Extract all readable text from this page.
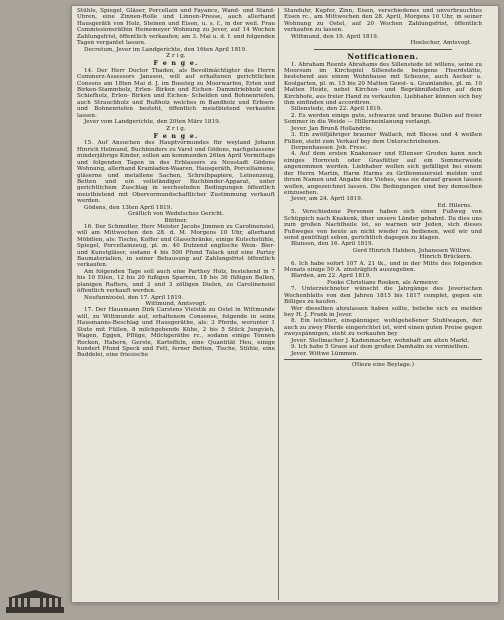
Stühle, Spiegel, Gläser, Porcellain und Fayance, Wand- und Stand-Uhren, eine Zinnen-Rolle und Linnen-Presse, auch allerhand Hausgeräth von Holz, Steinen und Eisen, u. s. f., in der weil. Frau Commissionsräthin Heinemeyer Wohnung zu Jever, auf 14 Wochen Zahlungsfrist, öffentlich verkaufen; am 3. Mai u. d. f. und folgenden Tagen vergantet lassen.

Decretum, Jever im Landgerichte, den 16ten April 1819.

Z r i g.

F e n g e.

14. Der Herr Doctor Thaden, als Bevollmächtigter des Herrn Commerz-Assessors Janssen, will auf erhaltenen gerichtlichen Consens am 18ten Mai d. J. im Bussteg zu Moorwarfen, Erlen und Birken-Stammholz, Erlen- Birken und Eichen- Dammtriebholz und Schiefholz, Erlen- Birken und Eichen- Schelden und Bohnenriefen, auch Strauchholz und Rußholz welches in Bandholz und Erbsen- und Bohnenriefen besteht, öffentlich meistbietend verkaufen lassen.

Jever vom Landgerichte, den 20ten März 1819.

Z r i g.

F e n g e.

15. Auf Ansuchen des Hauptvormundes für weyland Johann Hinrich Helmund, Buchbinders zu Varel und Gödens, nachgelassene minderjährige Kinder, sollen am kommenden 26ten April Vormittags und folgenden Tagen in des Erblassers zu Neustadt Gödens Wohnung, allerhand Kramladen-Waaren, Hausgeräth, Porcellainene, gläserne und metallene Sachen, Schreibpapiere, Leinenzeug, Betten und ein vollständiger Buchbinder-Apparat, unter gerichtlichem Zuschlag in wechselnden Bedingungen öffentlich meistbietend mit Obervormundschaftlicher Zustimmung verkauft werden.

Gödens, den 13ten April 1819.

Gräflich von Wedelsches Gericht.

Büttner.

16. Der Schmidter, Herr Meister Jacobs Jimmen zu Carolinensiel, will am Mittwochen den 28. d. M. Morgens 10 Uhr, allerhand Möbilien, als: Tische, Koffer und Glasschränke, einige Kutschstühle, Spiegel, Porcellainzeug, pl. m. 40 Dutzend englische Wein- Bier- und Kunstgläser, sodann 4 bis 500 Pfund Talack und eine Partey Baumaterialien, in seiner Behausung auf Zahlungsfrist öffentlich verkaufen.

Am folgenden Tage soll auch eine Parthey Holz, bestehend in 7 bis 10 Eilen, 12 bis 20 fußigen Sparren, 18 bis 36 füßigen Ballen, planigen Rafters, und 2 und 3 zölligen Dielen, zu Carolinensiel öffentlich verkauft werden.

Neufunnixsiel, den 17. April 1819.

Wittmund, Amtsvogt.

17. Der Hausmann Dirk Carstens Vielstik zu Ostel in Wittmunde will, zu Wittmunde auf, erhaltenem Consense, folgende in seine Hausmanns-Beschlag und Hausgeräthe, als: 3 Pferde, worunter 1 Stute mit Füllen, 8 milchgebende Kühe, 2 bis 5 Stück Jungvieh, Wagen, Eggen, Pflüge, Milchgeräthe rc., sodann einige Tonnen Rocken, Habern, Gerste, Kartoffeln, eine Quantität Heu, einige hundert Pfund Speck und Fett, ferner Betten, Tische, Stühle, eine Buddelei, eine friesische

Standuhr, Kupfer, Zinn, Eisen, verschiedenes und unverbrauchtes Eisen rc., am Mittwochen den 28. April, Morgens 10 Uhr, in seiner Wohnung zu Ostel, auf 20 Wochen Zahlungsfrist, öffentlich verkaufen zu lassen.

Wittmund, den 19. April 1819.

Hoelscher, Amtsvogt.

Notificationen.

1. Abraham Reents Abrahams des Sillenstede ist willens, seine zu Moorsum im Kirchspiel Sillenstede belegene Heerdstätte, bestehend aus einem Wohnhause mit Scheune, auch Aecker u. Koolgarten, pl. m. 15 bis 20 Matten Geest- u. Gramlandes, pl. m. 10 Matten Heide, nebst Kirchen- und Begräbnißstellen auf dem Kirchhofe, aus freier Hand zu verkaufen. Liebhaber können sich bey ihm einfinden und accordiren.

Sillenstede, den 22. April 1819.

2. Es werden einige gute, schwarze und braune Bullen auf freier Sommer in die Weide — Hillerneinlanung verlangt.

Jever. Jan Brunß Hollandrie.

3. Ein zwölfjähriger brauner Wallach, mit Blesse und 4 weißen Füßen, steht zum Verkauf bey dem Unterschriebenen.

Dorpenhausen. Joh. Fresc.

4. Auf dem ersten Knakenser und Ellenser Groden kann noch einiges Hornvieh oder Grasfütter auf ein Sommerweide angenommen werden. Liebhaber wollen sich gefälligst bei einem der Herrn Martin, Harm Harms zu Grillenmeiersiel melden und ihrem Namen und Angabe des Viehes, was sie darauf grasen lassen wollen, angezeichnet lassen. Die Bedingungen sind bey demselben einzusehen.

Jever, am 24. April 1819.

Ed. Hilerns.

5. Verschiedene Personen haben sich einen Fußweg von Schüppich nach Knakenk, über unsere Länder gebahnt. Da dies uns zum großen Nachtheile ist, so warnen wir Jeden, sich dieses Fußweges von heute an nicht wieder zu bedienen, weil wir und sonst genöthigt sehen, gerichtlich dagegen zu klagen.

Blunsen, den 16. April 1819.

Gerd Hinrich Habben, Johanssen Wittwe.

Hinrich Brückern.

6. Ich habe sofort 107 A. 21 tk., und in der Mitte des folgenden Monats einige 50 A. zinsträglich auszugeben.

Blarden, am 22. April 1819.

Fooke Christians Rooken, als Armenvr.

7. Unterzeichneter wünscht die Jahrgänge des Jeverischen Wochenblatts von den Jahren 1815 bis 1817 complet, gegen ein Billiges zu kaufen.

Wer dieselben abzulassen haben sollte, beliebe sich zu melden bey H. J. Frank in Jever.

8. Ein leichter, einspänniger, wohlgeheßener Stuhlwagen, der auch zu zwey Pferde eingerichtet ist, wird einen guten Preise gegen zweyspännigen, steht zu verkaufen bey

Jever. Stellmacher J. Kadenmacher, wohnhaft am alten Markt.

9. Ich habe 5 Grase auf dem großen Damhalm zu vermiethen.

Jever. Wittwe Lümmen.

(Hiezu eine Beylage.)
